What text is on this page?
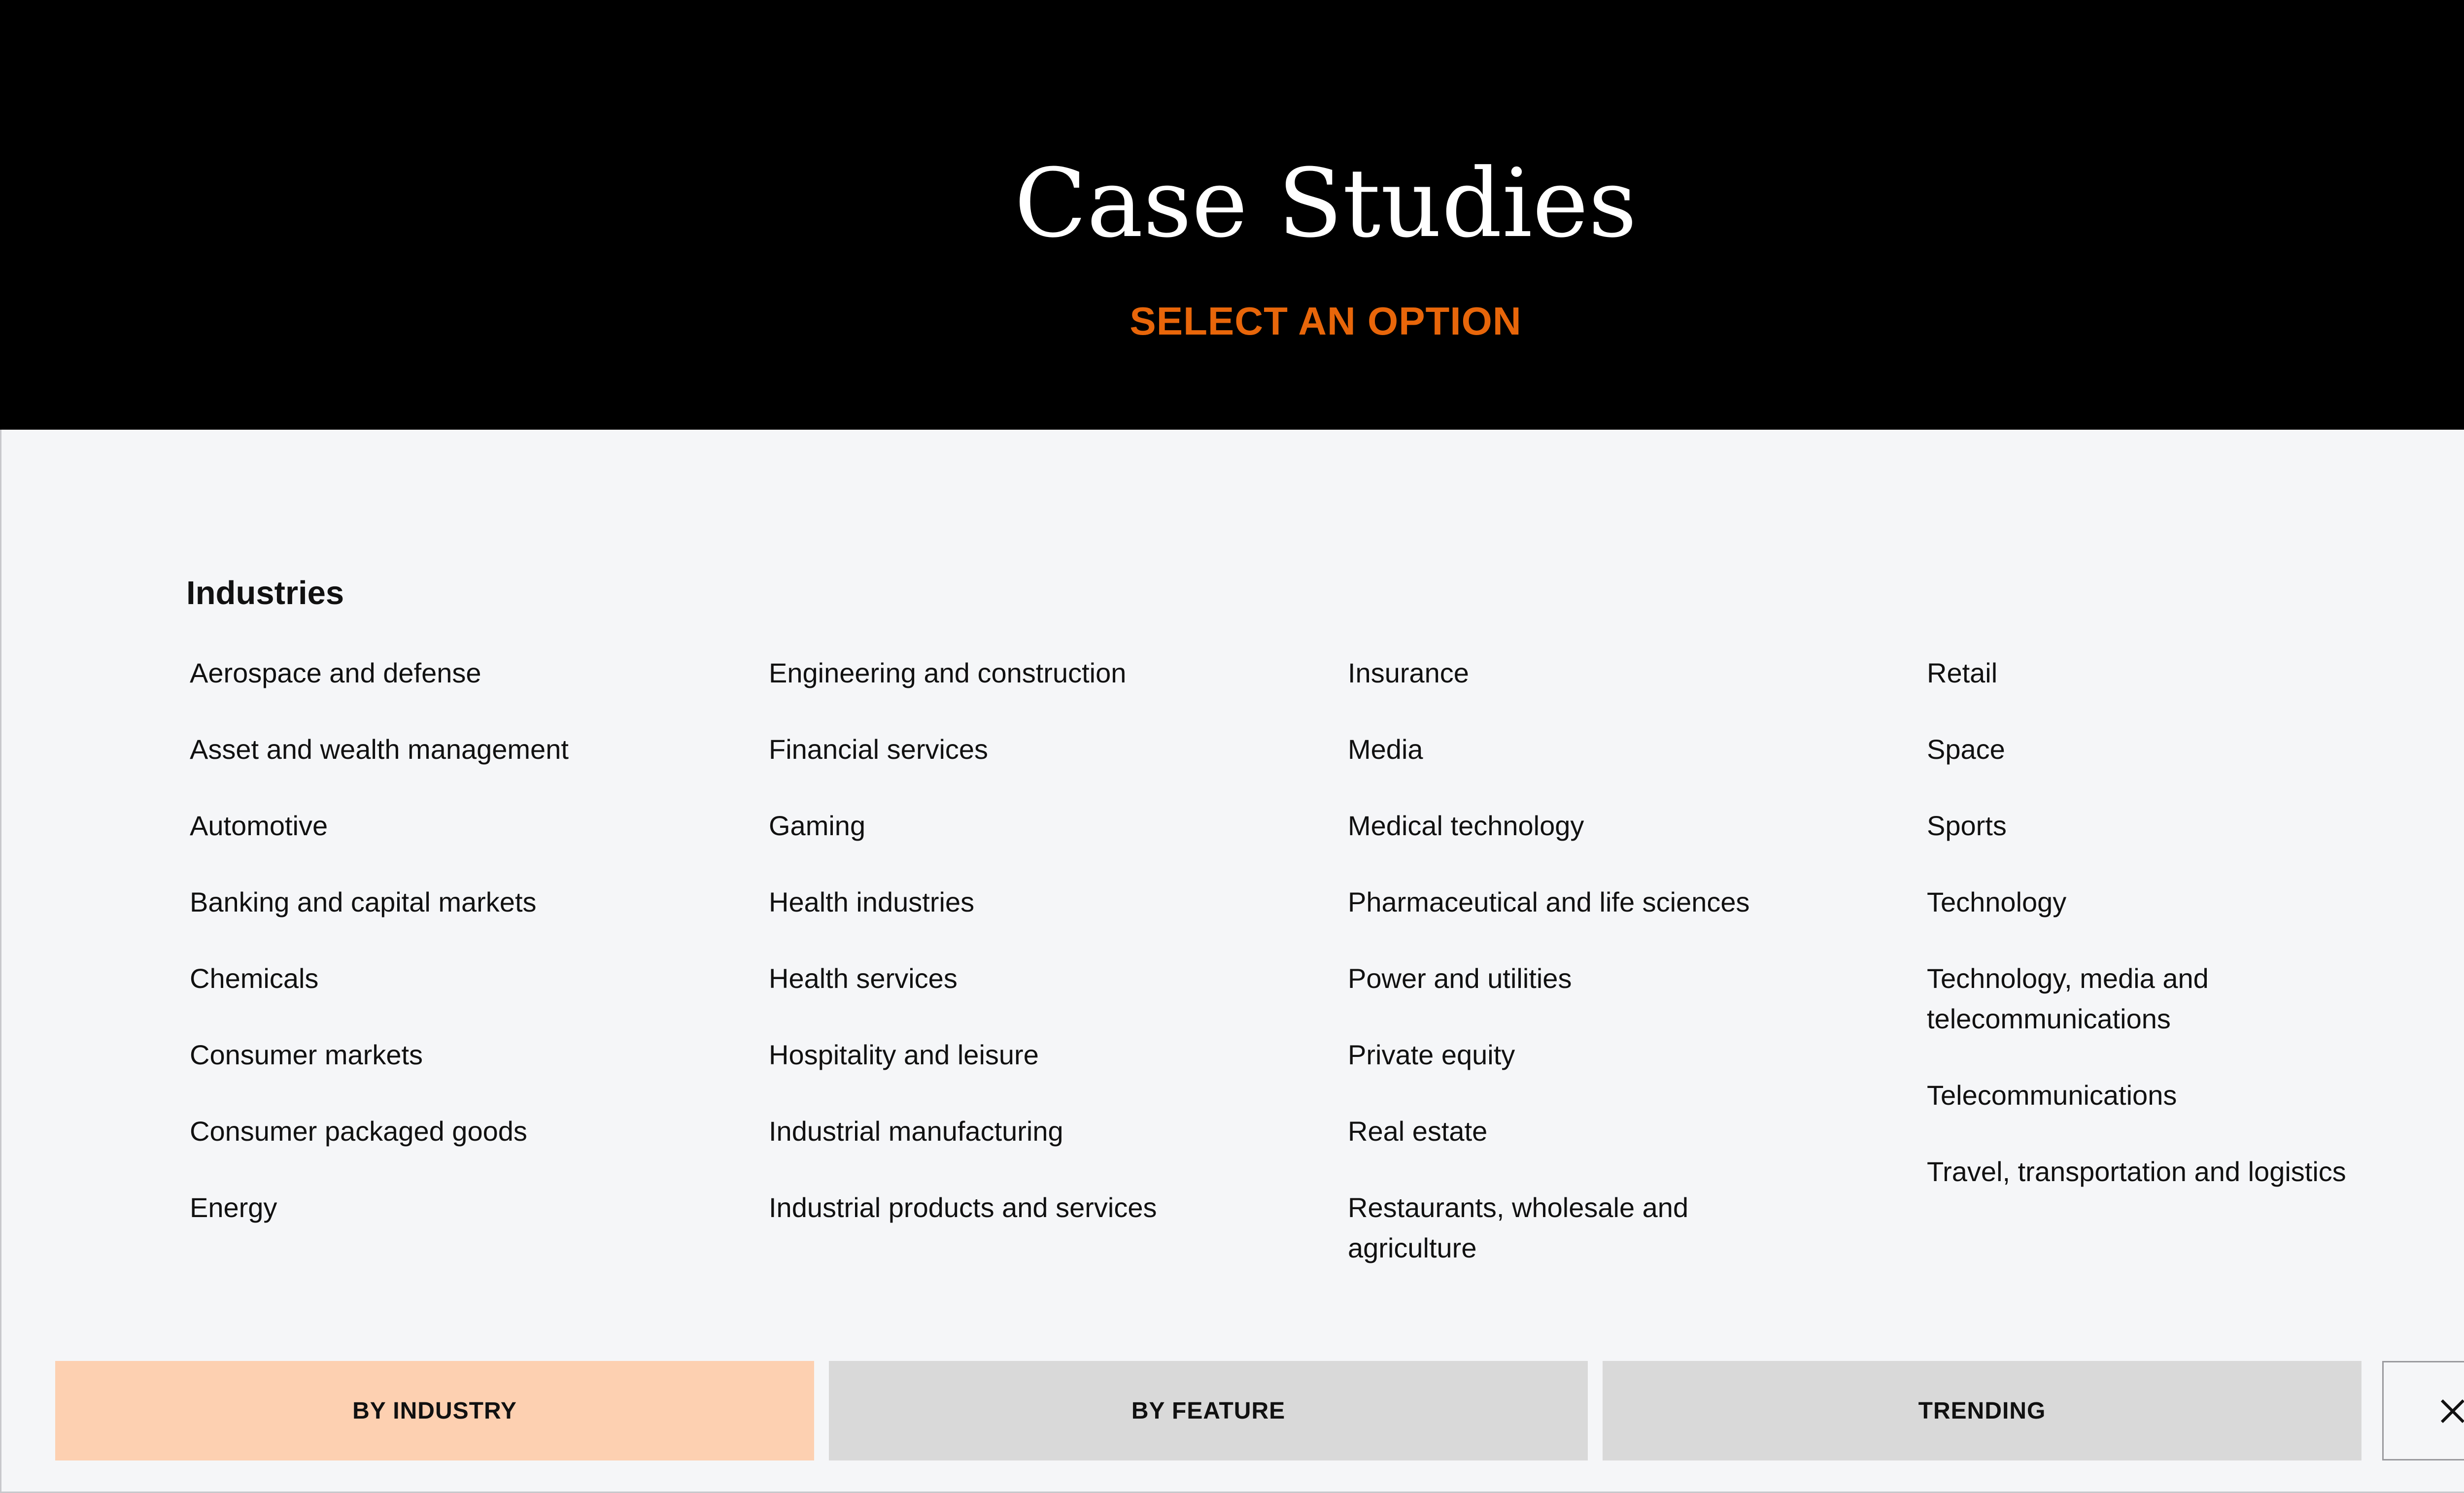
Case Studies
SELECT AN OPTION
Industries
Aerospace and defense
Asset and wealth management
Automotive
Banking and capital markets
Chemicals
Consumer markets
Consumer packaged goods
Energy
Engineering and construction
Financial services
Gaming
Health industries
Health services
Hospitality and leisure
Industrial manufacturing
Industrial products and services
Insurance
Media
Medical technology
Pharmaceutical and life sciences
Power and utilities
Private equity
Real estate
Restaurants, wholesale and agriculture
Retail
Space
Sports
Technology
Technology, media and telecommunications
Telecommunications
Travel, transportation and logistics
BY INDUSTRY	BY FEATURE	TRENDING
